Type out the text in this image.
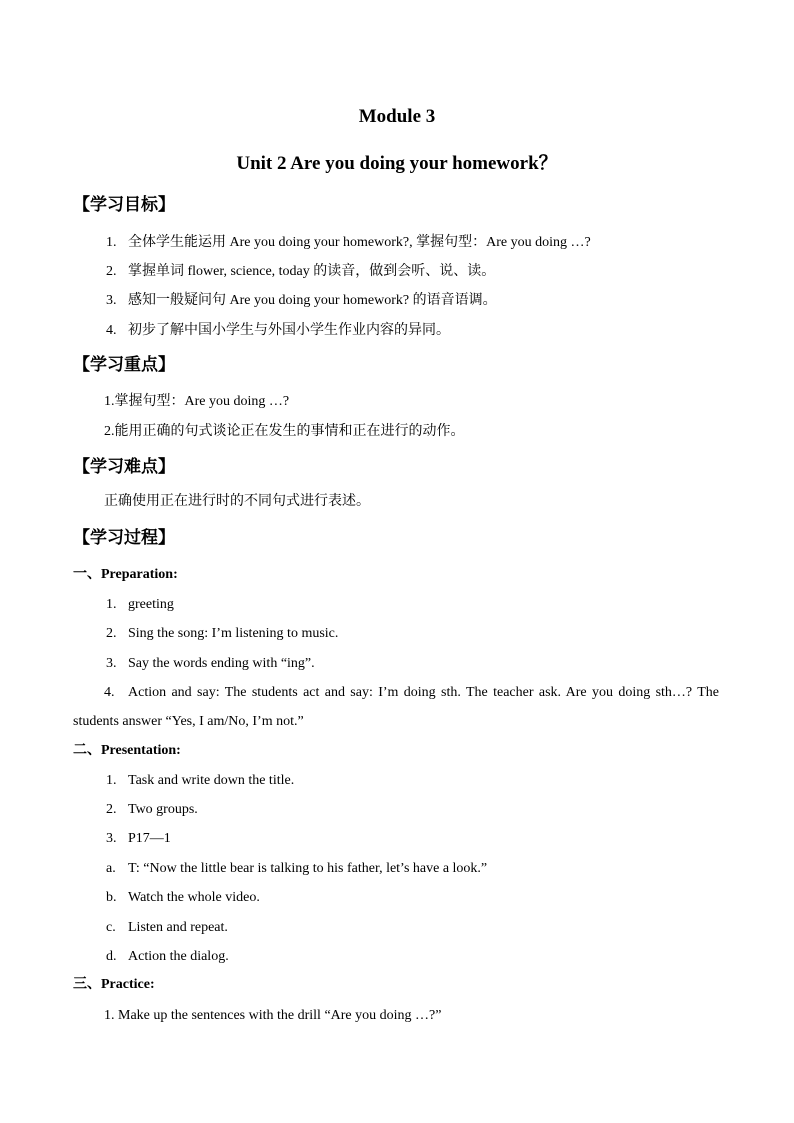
Module 3
Unit 2 Are you doing your homework？
【学习目标】
1. 全体学生能运用 Are you doing your homework?, 掌握句型：Are you doing …?
2. 掌握单词 flower, science, today 的读音，做到会听、说、读。
3. 感知一般疑问句 Are you doing your homework? 的语音语调。
4. 初步了解中国小学生与外国小学生作业内容的异同。
【学习重点】
1.掌握句型：Are you doing …?
2.能用正确的句式谈论正在发生的事情和正在进行的动作。
【学习难点】
正确使用正在进行时的不同句式进行表述。
【学习过程】
一、Preparation:
1. greeting
2. Sing the song: I’m listening to music.
3. Say the words ending with “ing”.
4. Action and say: The students act and say: I’m doing sth. The teacher ask. Are you doing sth…? The students answer “Yes, I am/No, I’m not.”
二、Presentation:
1. Task and write down the title.
2. Two groups.
3. P17—1
a. T: “Now the little bear is talking to his father, let’s have a look.”
b. Watch the whole video.
c. Listen and repeat.
d. Action the dialog.
三、Practice:
1. Make up the sentences with the drill “Are you doing …?”
